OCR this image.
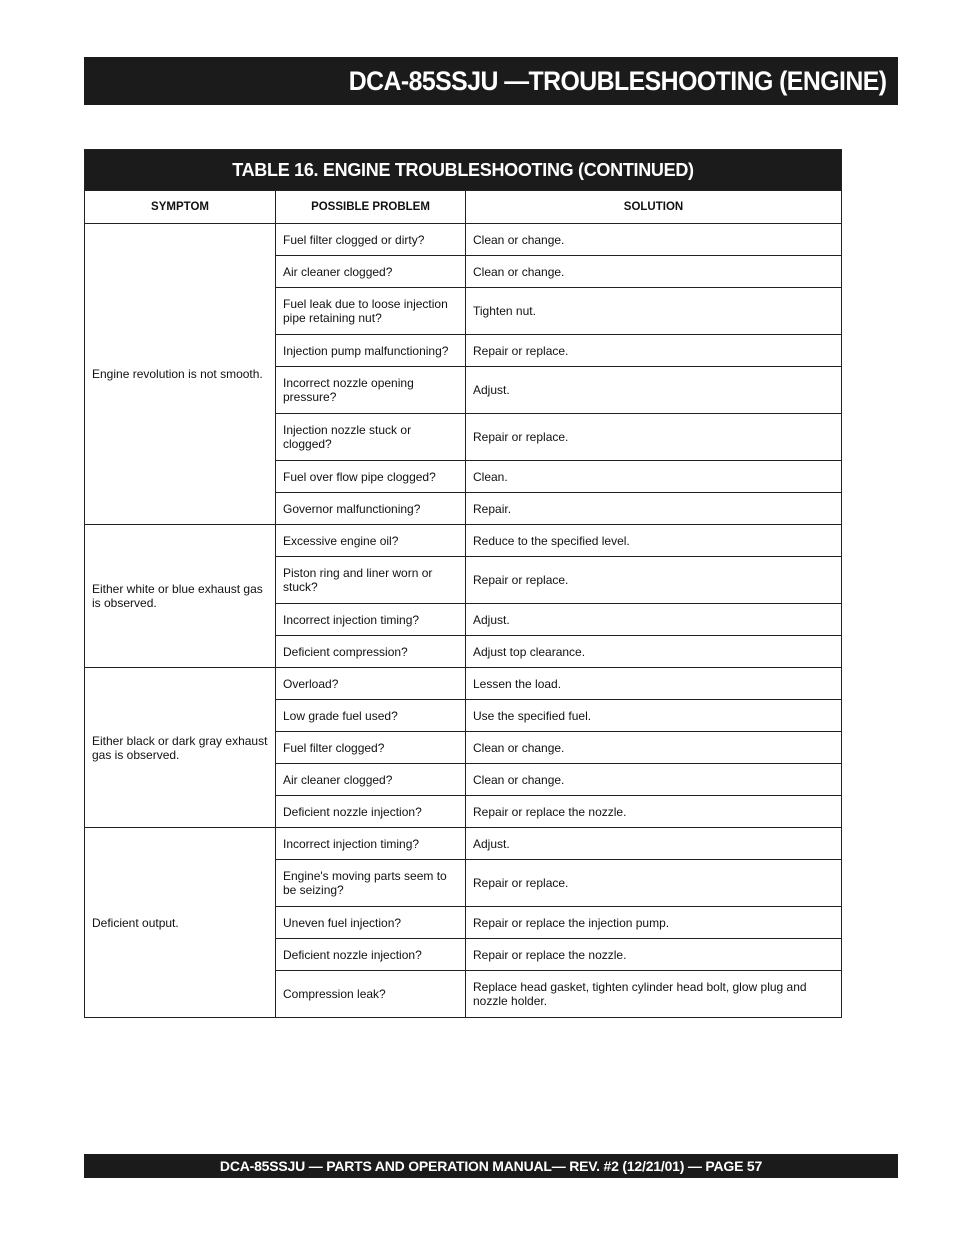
DCA-85SSJU —TROUBLESHOOTING (ENGINE)
TABLE 16. ENGINE TROUBLESHOOTING (CONTINUED)		
SYMPTOM	POSSIBLE PROBLEM	SOLUTION
Engine revolution is not smooth.	Fuel filter clogged or dirty?	Clean or change.
	Air cleaner clogged?	Clean or change.
	Fuel leak due to loose injection pipe retaining nut?	Tighten nut.
	Injection pump malfunctioning?	Repair or replace.
	Incorrect nozzle opening pressure?	Adjust.
	Injection nozzle stuck or clogged?	Repair or replace.
	Fuel over flow pipe clogged?	Clean.
	Governor malfunctioning?	Repair.
Either white or blue exhaust gas is observed.	Excessive engine oil?	Reduce to the specified level.
	Piston ring and liner worn or stuck?	Repair or replace.
	Incorrect injection timing?	Adjust.
	Deficient compression?	Adjust top clearance.
Either black or dark gray exhaust gas is observed.	Overload?	Lessen the load.
	Low grade fuel used?	Use the specified fuel.
	Fuel filter clogged?	Clean or change.
	Air cleaner clogged?	Clean or change.
	Deficient nozzle injection?	Repair or replace the nozzle.
Deficient output.	Incorrect injection timing?	Adjust.
	Engine's moving parts seem to be seizing?	Repair or replace.
	Uneven fuel injection?	Repair or replace the injection pump.
	Deficient nozzle injection?	Repair or replace the nozzle.
	Compression leak?	Replace head gasket, tighten cylinder head bolt, glow plug and nozzle holder.
DCA-85SSJU — PARTS AND OPERATION MANUAL— REV. #2 (12/21/01) — PAGE 57
